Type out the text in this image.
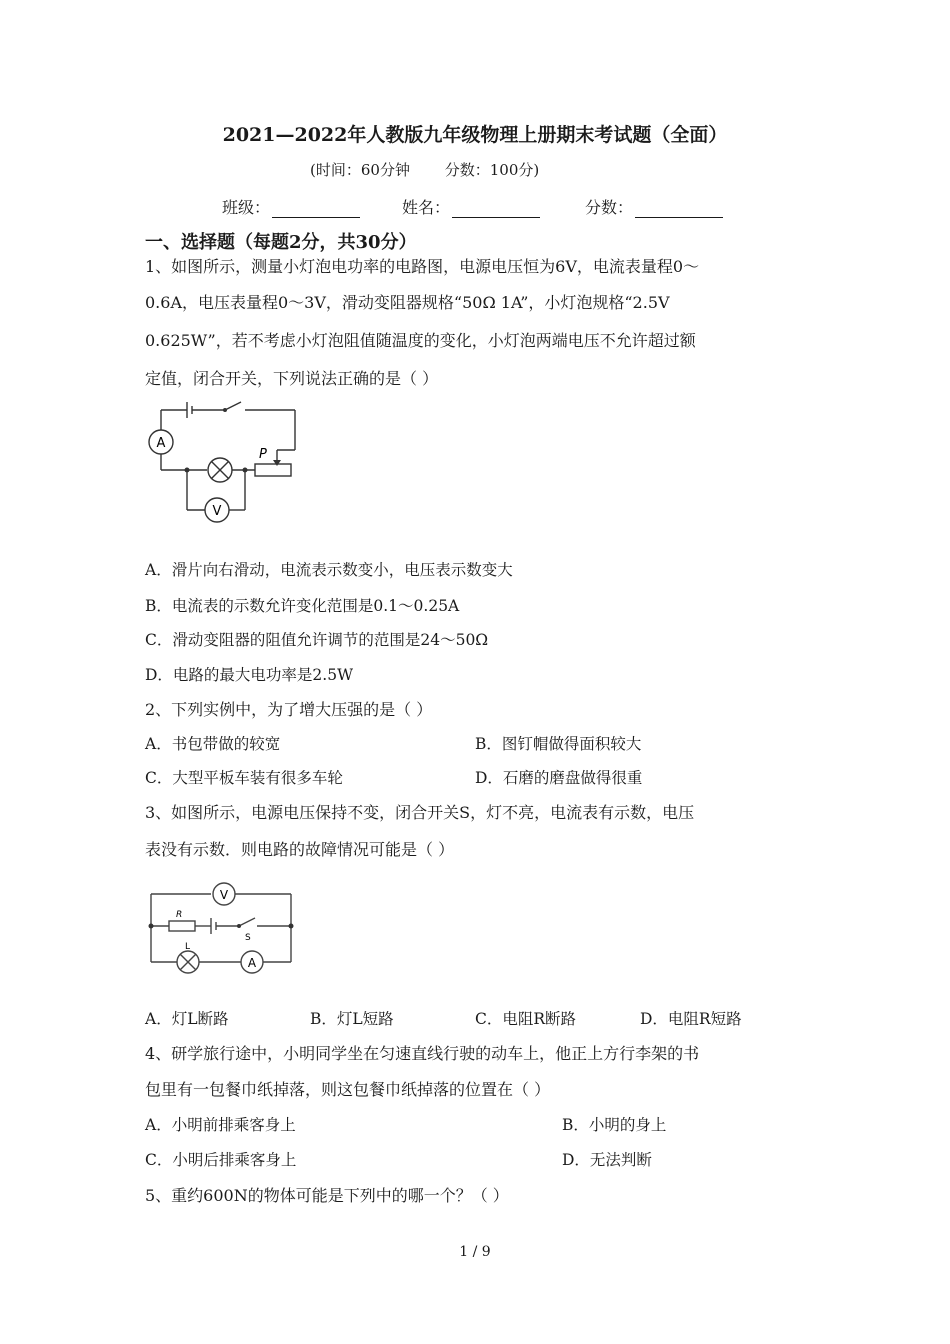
2021—2022年人教版九年级物理上册期末考试题（全面）
(时间：60分钟 分数：100分)
班级：	姓名：	分数：
一、选择题（每题2分，共30分）
1、如图所示，测量小灯泡电功率的电路图，电源电压恒为6V，电流表量程0～
0.6A，电压表量程0～3V，滑动变阻器规格“50Ω 1A”，小灯泡规格“2.5V
0.625W”，若不考虑小灯泡阻值随温度的变化，小灯泡两端电压不允许超过额
定值，闭合开关，下列说法正确的是（ ）
A
V
P
A．滑片向右滑动，电流表示数变小，电压表示数变大
B．电流表的示数允许变化范围是0.1～0.25A
C．滑动变阻器的阻值允许调节的范围是24～50Ω
D．电路的最大电功率是2.5W
2、下列实例中，为了增大压强的是（ ）
A．书包带做的较宽	B．图钉帽做得面积较大
C．大型平板车装有很多车轮	D．石磨的磨盘做得很重
3、如图所示，电源电压保持不变，闭合开关S，灯不亮，电流表有示数，电压
表没有示数．则电路的故障情况可能是（ ）
V
A
R
S
L
A．灯L断路	B．灯L短路	C．电阻R断路	D．电阻R短路
4、研学旅行途中，小明同学坐在匀速直线行驶的动车上，他正上方行李架的书
包里有一包餐巾纸掉落，则这包餐巾纸掉落的位置在（ ）
A．小明前排乘客身上	B．小明的身上
C．小明后排乘客身上	D．无法判断
5、重约600N的物体可能是下列中的哪一个？（ ）
1 / 9
